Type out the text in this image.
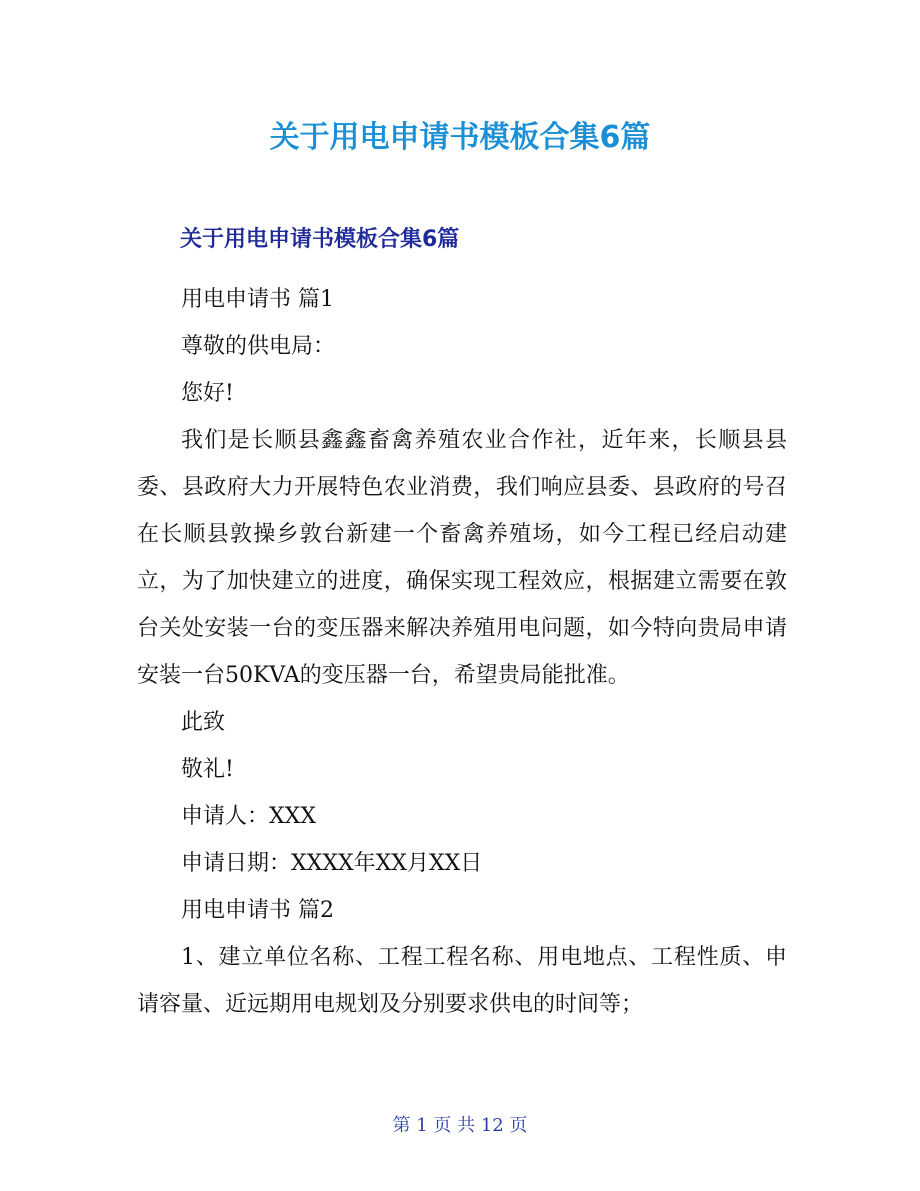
关于用电申请书模板合集6篇
关于用电申请书模板合集6篇

用电申请书 篇1

尊敬的供电局：

您好!

我们是长顺县鑫鑫畜禽养殖农业合作社，近年来，长顺县县委、县政府大力开展特色农业消费，我们响应县委、县政府的号召在长顺县敦操乡敦台新建一个畜禽养殖场，如今工程已经启动建立，为了加快建立的进度，确保实现工程效应，根据建立需要在敦台关处安装一台的变压器来解决养殖用电问题，如今特向贵局申请安装一台50KVA的变压器一台，希望贵局能批准。

此致

敬礼!

申请人：XXX

申请日期：XXXX年XX月XX日

用电申请书 篇2

1、建立单位名称、工程工程名称、用电地点、工程性质、申请容量、近远期用电规划及分别要求供电的时间等；

第 1 页 共 12 页
